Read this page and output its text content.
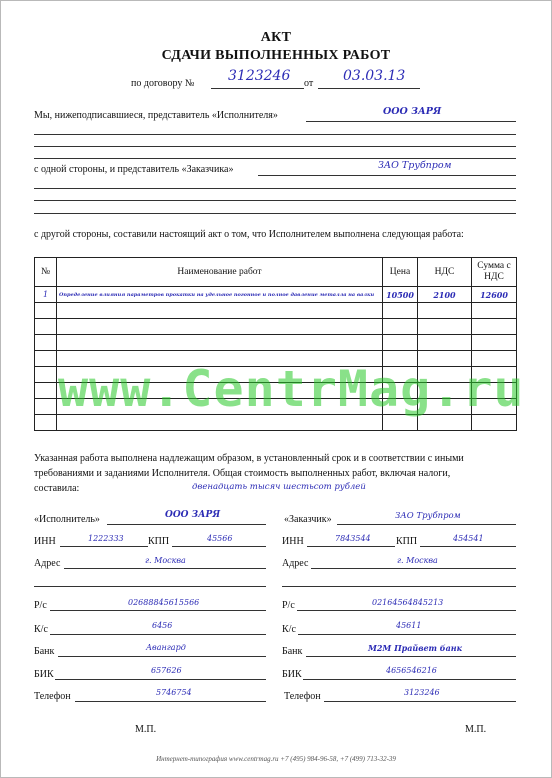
АКТ
СДАЧИ ВЫПОЛНЕННЫХ РАБОТ
по договору № 3123246 от 03.03.13
Мы, нижеподписавшиеся, представитель «Исполнителя»	ООО ЗАРЯ
с одной стороны, и представитель «Заказчика»	ЗАО Трубпром
с другой стороны, составили настоящий акт о том, что Исполнителем выполнена следующая работа:
№	Наименование работ	Цена	НДС	Сумма с НДС
1	Определение влияния параметров прокатки на удельное погонное и полное давление металла на валки	10500	2100	12600

www.CentrMag.ru
Указанная работа выполнена надлежащим образом, в установленный срок и в соответствии с иными
требованиями и заданиями Исполнителя. Общая стоимость выполненных работ, включая налоги,
составила:	двенадцать тысяч шестьсот рублей
«Исполнитель»	ООО ЗАРЯ
ИНН	1222333 КПП	45566
Адрес	г. Москва
Р/с	02688845615566
К/с	6456
Банк	Авангард
БИК	657626
Телефон	5746754
М.П.
«Заказчик»	ЗАО Трубпром
ИНН	7843544	КПП	454541
Адрес	г. Москва
Р/с	02164564845213
К/с	45611
Банк	М2М Прайвет банк
БИК	4656546216
Телефон	3123246
М.П.
Интернет-типография www.centrmag.ru +7 (495) 984-96-58, +7 (499) 713-32-39
